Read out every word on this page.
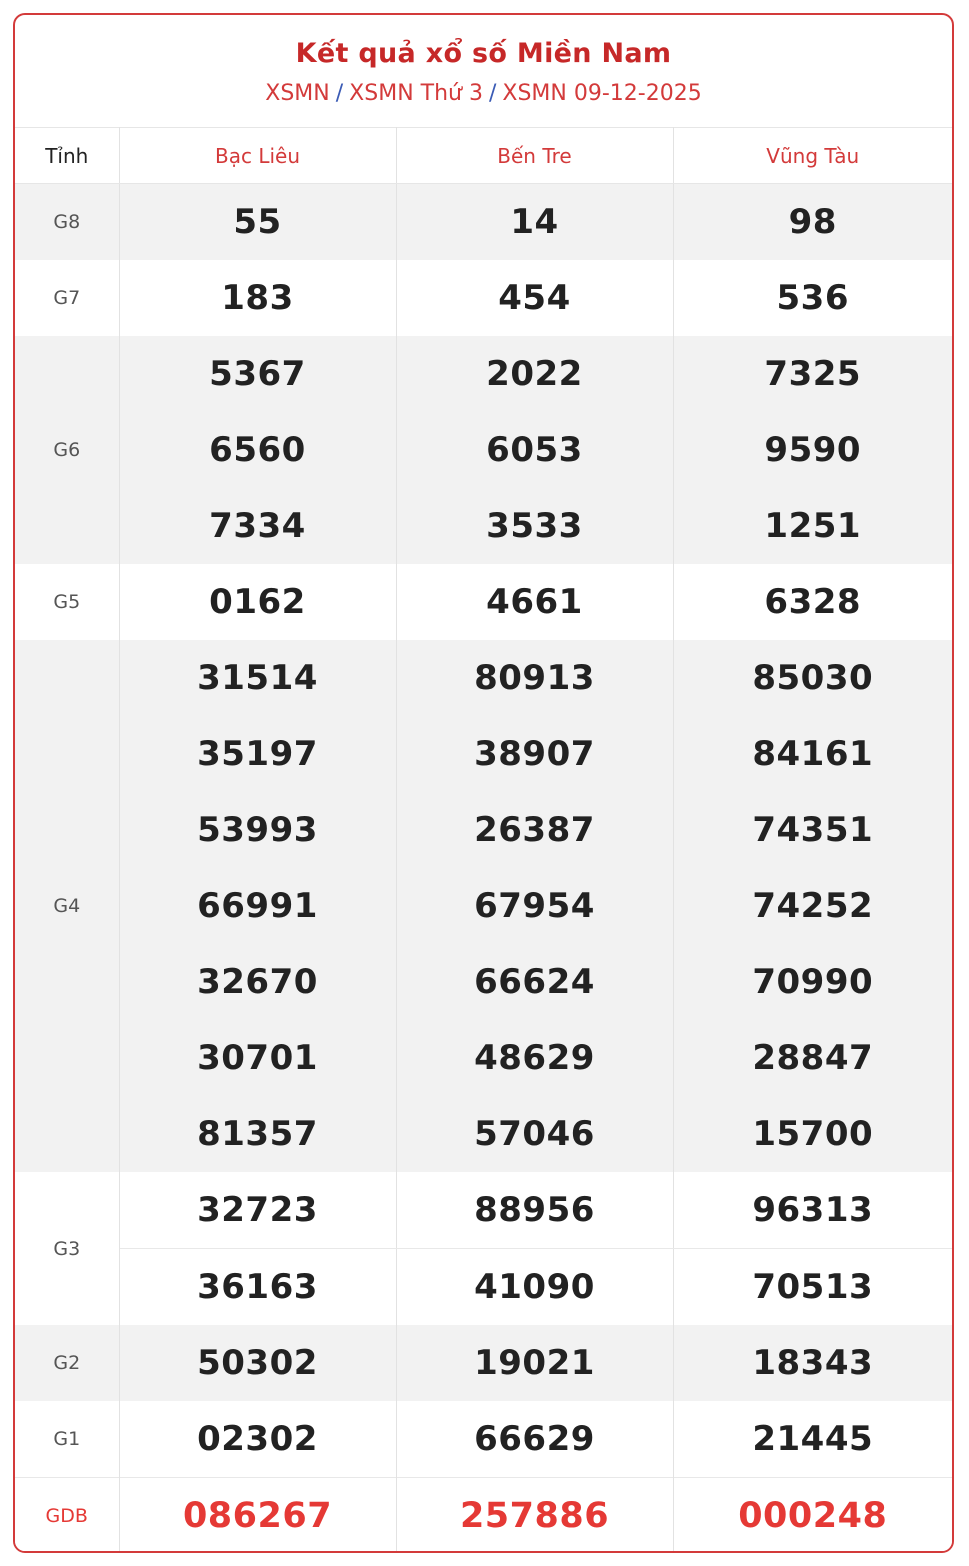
Kết quả xổ số Miền Nam
XSMN / XSMN Thứ 3 / XSMN 09-12-2025
Tỉnh	Bạc Liêu	Bến Tre	Vũng Tàu
G8	55	14	98
G7	183	454	536
G6	5367	2022	7325
	6560	6053	9590
	7334	3533	1251
G5	0162	4661	6328
G4	31514	80913	85030
	35197	38907	84161
	53993	26387	74351
	66991	67954	74252
	32670	66624	70990
	30701	48629	28847
	81357	57046	15700
G3	32723	88956	96313
	36163	41090	70513
G2	50302	19021	18343
G1	02302	66629	21445
GDB	086267	257886	000248
